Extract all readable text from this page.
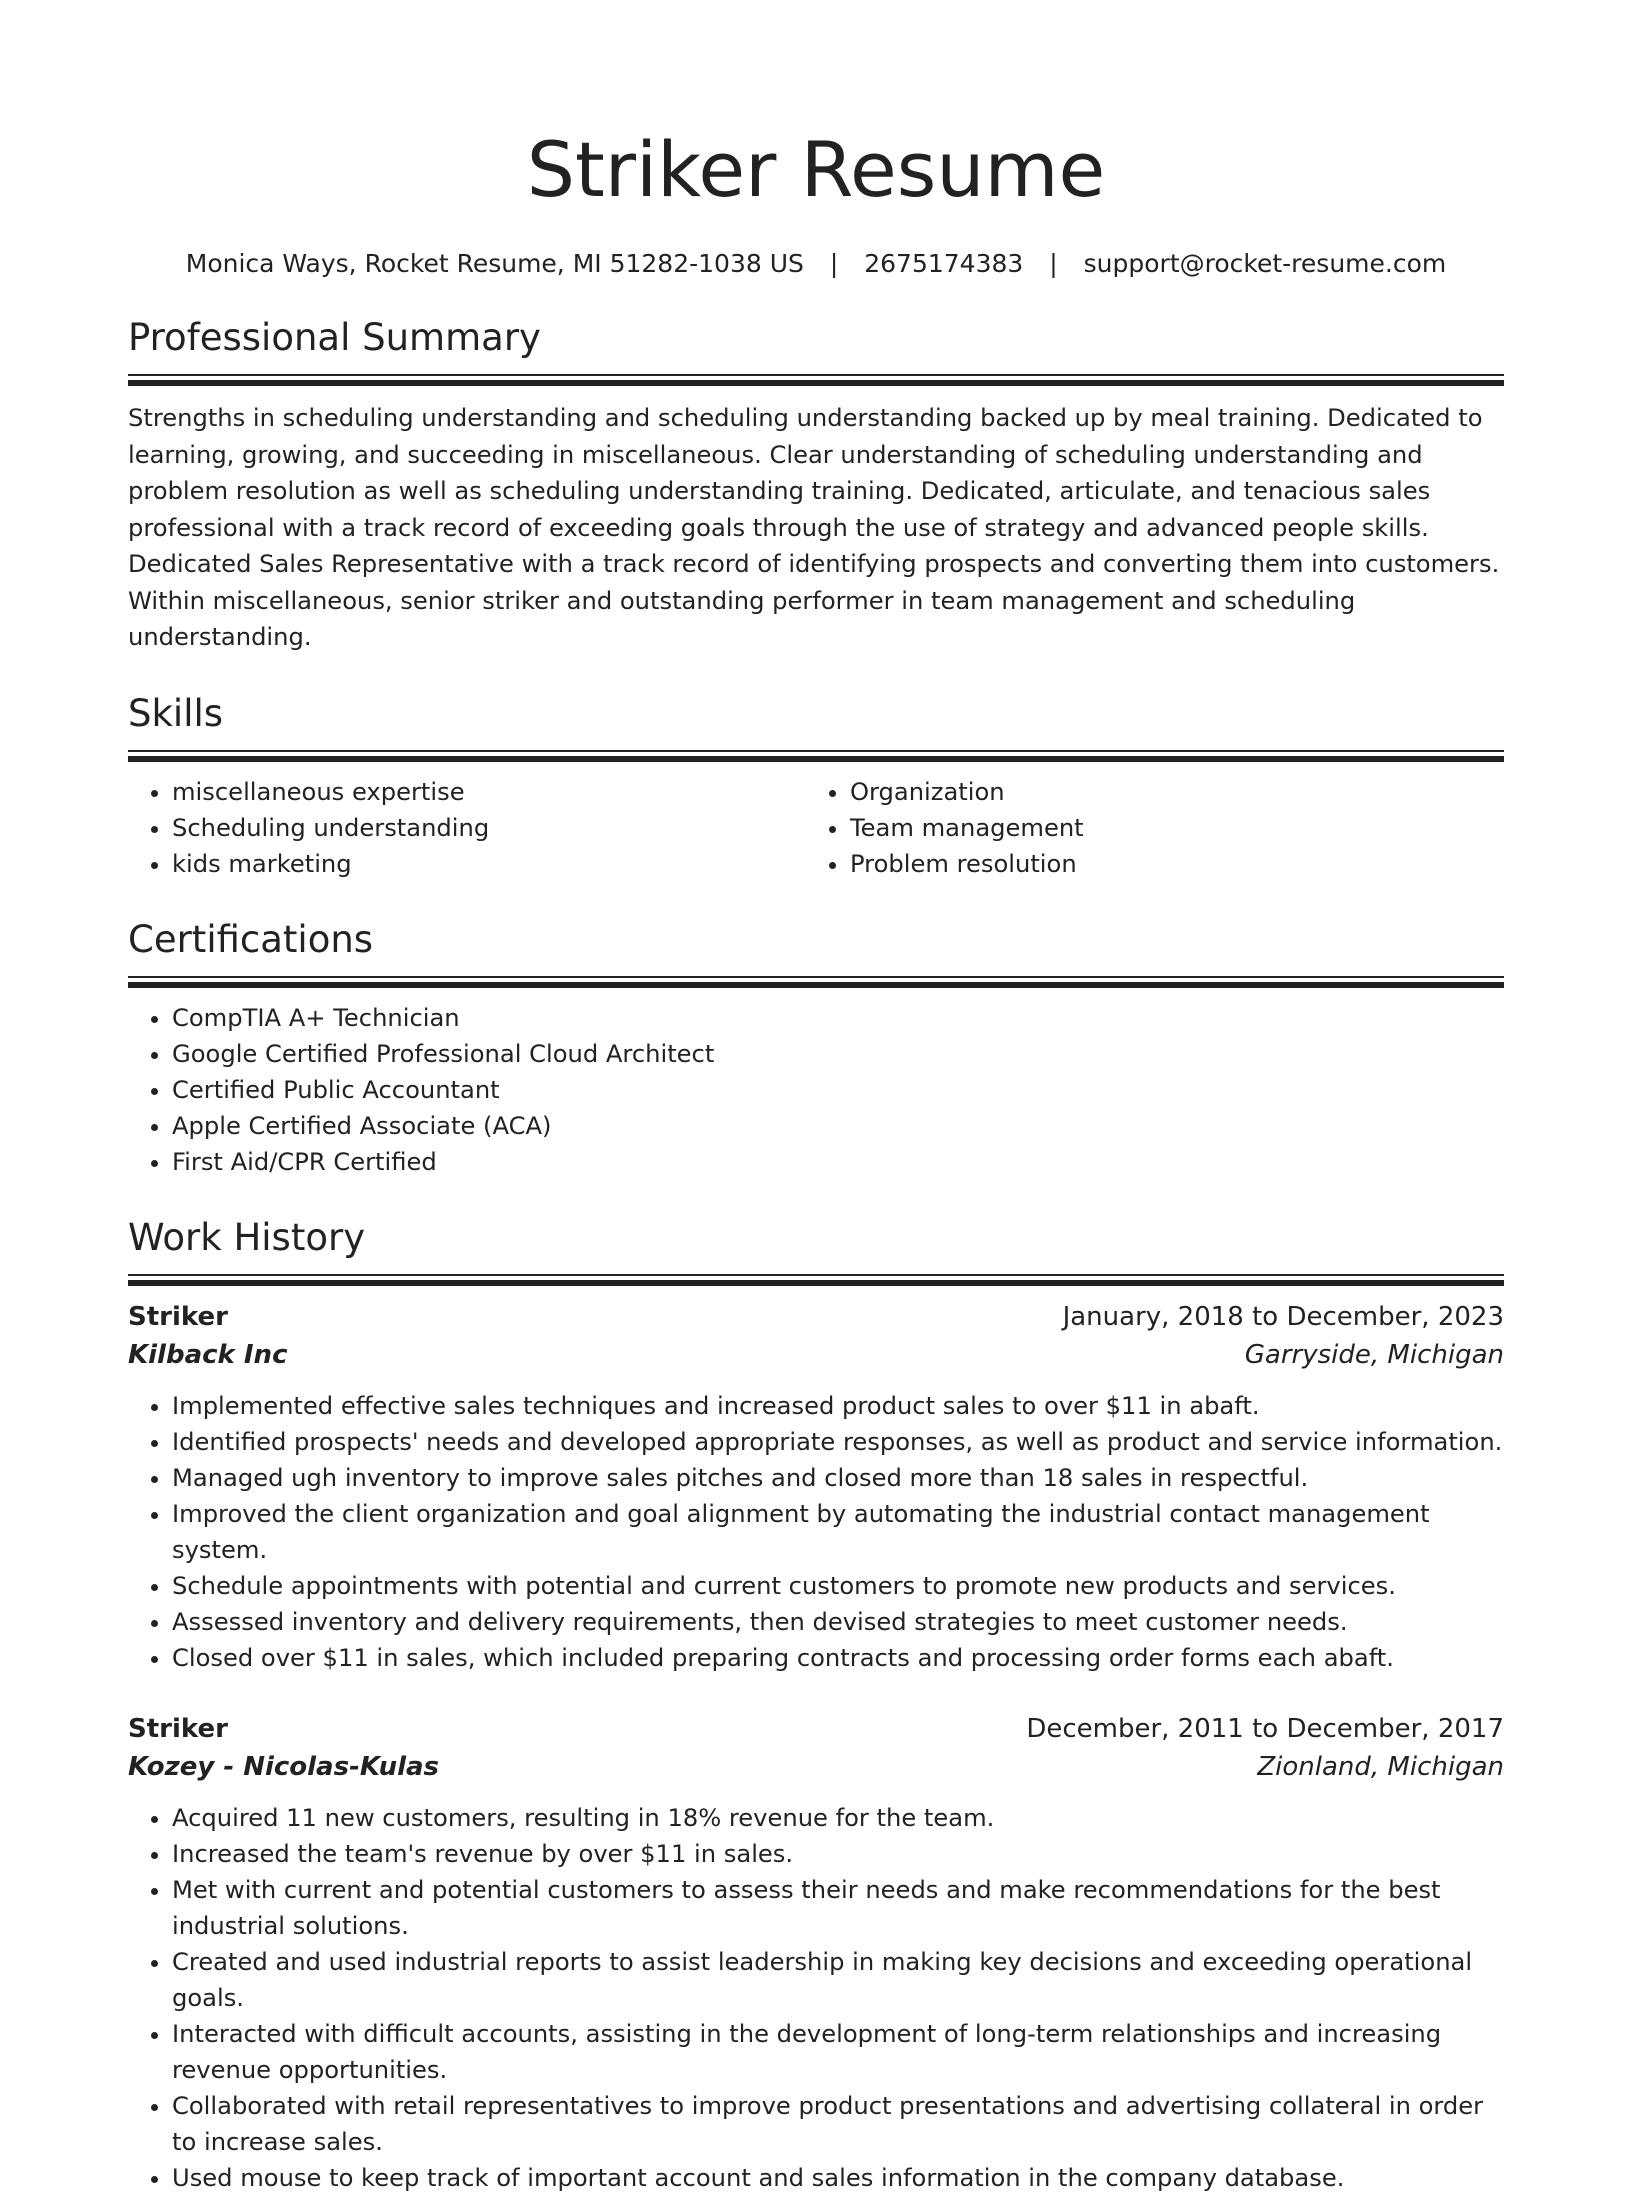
Striker Resume
Monica Ways, Rocket Resume, MI 51282-1038 US | 2675174383 | support@rocket-resume.com
Professional Summary
Strengths in scheduling understanding and scheduling understanding backed up by meal training. Dedicated to learning, growing, and succeeding in miscellaneous. Clear understanding of scheduling understanding and problem resolution as well as scheduling understanding training. Dedicated, articulate, and tenacious sales professional with a track record of exceeding goals through the use of strategy and advanced people skills. Dedicated Sales Representative with a track record of identifying prospects and converting them into customers. Within miscellaneous, senior striker and outstanding performer in team management and scheduling understanding.
Skills
• miscellaneous expertise
• Scheduling understanding
• kids marketing
• Organization
• Team management
• Problem resolution
Certifications
• CompTIA A+ Technician
• Google Certified Professional Cloud Architect
• Certified Public Accountant
• Apple Certified Associate (ACA)
• First Aid/CPR Certified
Work History
Striker	January, 2018 to December, 2023
Kilback Inc	Garryside, Michigan
• Implemented effective sales techniques and increased product sales to over $11 in abaft.
• Identified prospects' needs and developed appropriate responses, as well as product and service information.
• Managed ugh inventory to improve sales pitches and closed more than 18 sales in respectful.
• Improved the client organization and goal alignment by automating the industrial contact management system.
• Schedule appointments with potential and current customers to promote new products and services.
• Assessed inventory and delivery requirements, then devised strategies to meet customer needs.
• Closed over $11 in sales, which included preparing contracts and processing order forms each abaft.
Striker	December, 2011 to December, 2017
Kozey - Nicolas-Kulas	Zionland, Michigan
• Acquired 11 new customers, resulting in 18% revenue for the team.
• Increased the team's revenue by over $11 in sales.
• Met with current and potential customers to assess their needs and make recommendations for the best industrial solutions.
• Created and used industrial reports to assist leadership in making key decisions and exceeding operational goals.
• Interacted with difficult accounts, assisting in the development of long-term relationships and increasing revenue opportunities.
• Collaborated with retail representatives to improve product presentations and advertising collateral in order to increase sales.
• Used mouse to keep track of important account and sales information in the company database.
